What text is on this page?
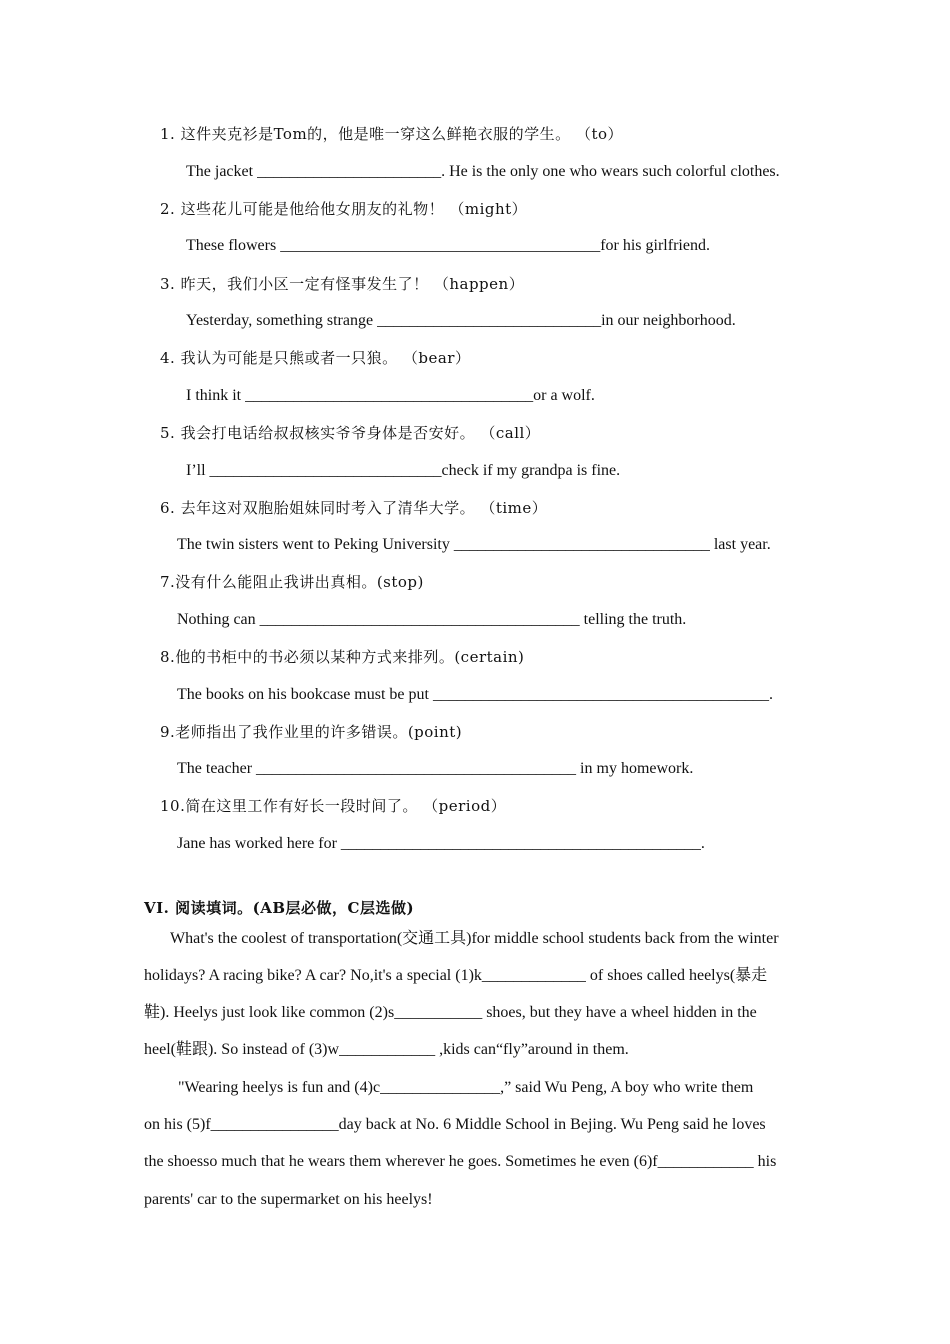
1. 这件夹克衫是Tom的，他是唯一穿这么鲜艳衣服的学生。 （to）
The jacket _______________________. He is the only one who wears such colorful clothes.
2. 这些花儿可能是他给他女朋友的礼物！ （might）
These flowers ________________________________________for his girlfriend.
3. 昨天，我们小区一定有怪事发生了！ （happen）
Yesterday, something strange ____________________________in our neighborhood.
4. 我认为可能是只熊或者一只狼。 （bear）
I think it ____________________________________or a wolf.
5. 我会打电话给叔叔核实爷爷身体是否安好。 （call）
I’ll _____________________________check if my grandpa is fine.
6. 去年这对双胞胎姐妹同时考入了清华大学。 （time）
The twin sisters went to Peking University ________________________________ last year.
7.没有什么能阻止我讲出真相。(stop)
Nothing can ________________________________________ telling the truth.
8.他的书柜中的书必须以某种方式来排列。(certain)
The books on his bookcase must be put __________________________________________.
9.老师指出了我作业里的许多错误。(point)
The teacher ________________________________________ in my homework.
10.简在这里工作有好长一段时间了。 （period）
Jane has worked here for _____________________________________________.
VI. 阅读填词。(AB层必做，C层选做)
What's the coolest of transportation(交通工具)for middle school students back from the winter
holidays? A racing bike? A car? No,it's a special (1)k_____________ of shoes called heelys(暴走
鞋). Heelys just look like common (2)s___________ shoes, but they have a wheel hidden in the
heel(鞋跟). So instead of (3)w____________ ,kids can“fly”around in them.
"Wearing heelys is fun and (4)c_______________,” said Wu Peng, A boy who write them
on his (5)f________________day back at No. 6 Middle School in Bejing. Wu Peng said he loves
the shoesso much that he wears them wherever he goes. Sometimes he even (6)f____________ his
parents' car to the supermarket on his heelys!
